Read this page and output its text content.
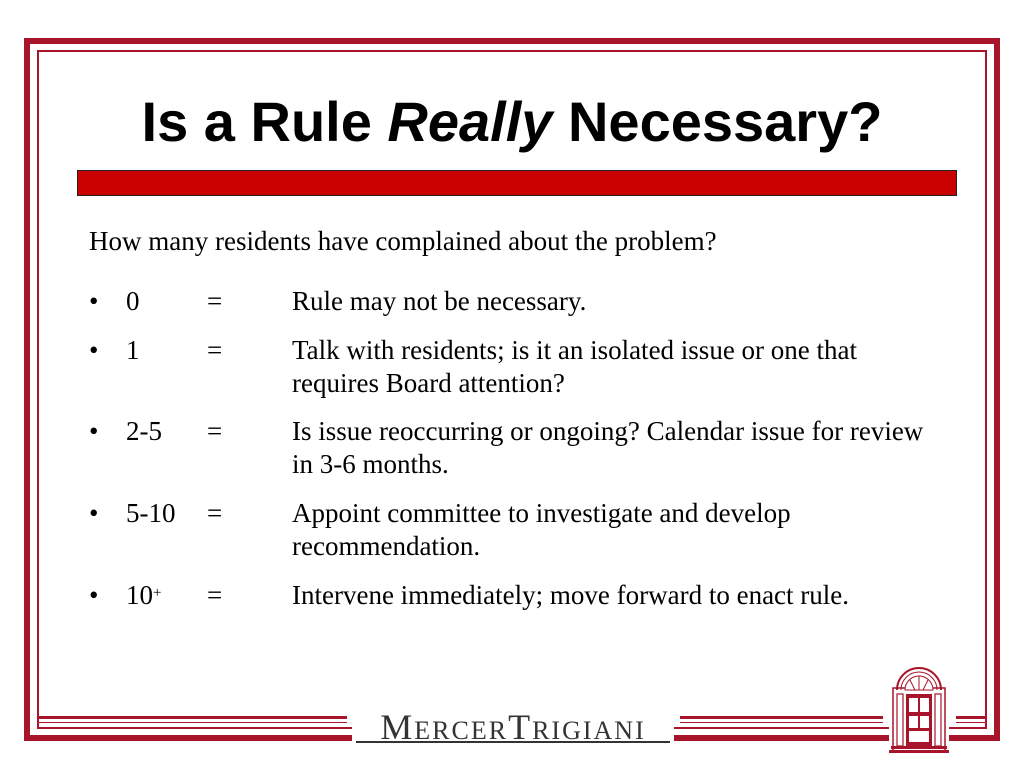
Is a Rule Really Necessary?
How many residents have complained about the problem?
•	0	=	Rule may not be necessary.
•	1	=	Talk with residents; is it an isolated issue or one that requires Board attention?
•	2-5 =	Is issue reoccurring or ongoing? Calendar issue for review in 3-6 months.
•	5-10 =	Appoint committee to investigate and develop recommendation.
•	10+ =	Intervene immediately; move forward to enact rule.
MERCERTRIGIANI
